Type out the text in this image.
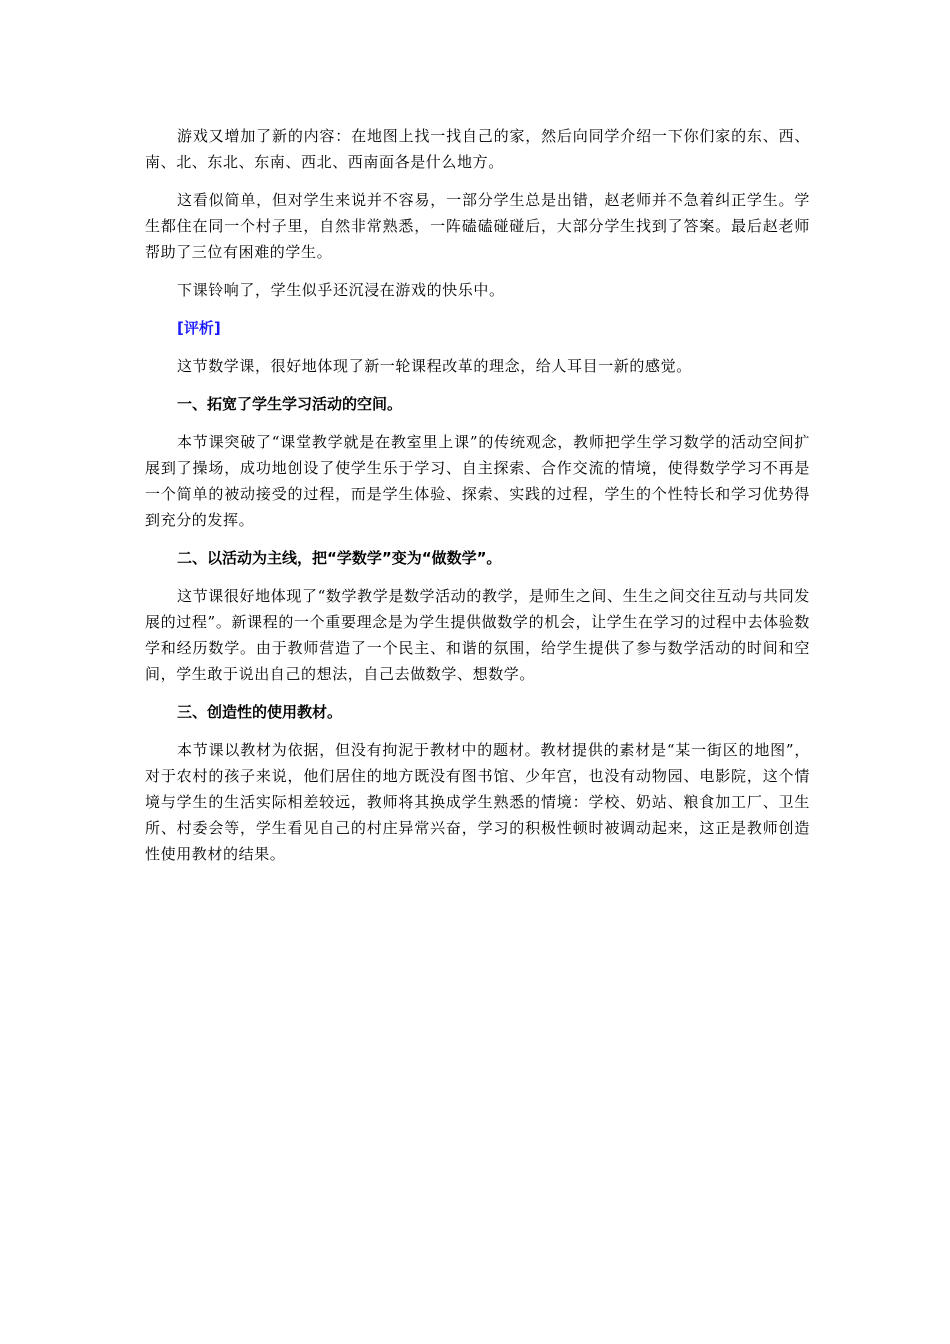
游戏又增加了新的内容：在地图上找一找自己的家，然后向同学介绍一下你们家的东、西、南、北、东北、东南、西北、西南面各是什么地方。

这看似简单，但对学生来说并不容易，一部分学生总是出错，赵老师并不急着纠正学生。学生都住在同一个村子里，自然非常熟悉，一阵磕磕碰碰后，大部分学生找到了答案。最后赵老师帮助了三位有困难的学生。

下课铃响了，学生似乎还沉浸在游戏的快乐中。

[评析]

这节数学课，很好地体现了新一轮课程改革的理念，给人耳目一新的感觉。

一、拓宽了学生学习活动的空间。

本节课突破了“课堂教学就是在教室里上课”的传统观念，教师把学生学习数学的活动空间扩展到了操场，成功地创设了使学生乐于学习、自主探索、合作交流的情境，使得数学学习不再是一个简单的被动接受的过程，而是学生体验、探索、实践的过程，学生的个性特长和学习优势得到充分的发挥。

二、以活动为主线，把“学数学”变为“做数学”。

这节课很好地体现了“数学教学是数学活动的教学，是师生之间、生生之间交往互动与共同发展的过程”。新课程的一个重要理念是为学生提供做数学的机会，让学生在学习的过程中去体验数学和经历数学。由于教师营造了一个民主、和谐的氛围，给学生提供了参与数学活动的时间和空间，学生敢于说出自己的想法，自己去做数学、想数学。

三、创造性的使用教材。

本节课以教材为依据，但没有拘泥于教材中的题材。教材提供的素材是“某一街区的地图”，对于农村的孩子来说，他们居住的地方既没有图书馆、少年宫，也没有动物园、电影院，这个情境与学生的生活实际相差较远，教师将其换成学生熟悉的情境：学校、奶站、粮食加工厂、卫生所、村委会等，学生看见自己的村庄异常兴奋，学习的积极性顿时被调动起来，这正是教师创造性使用教材的结果。
